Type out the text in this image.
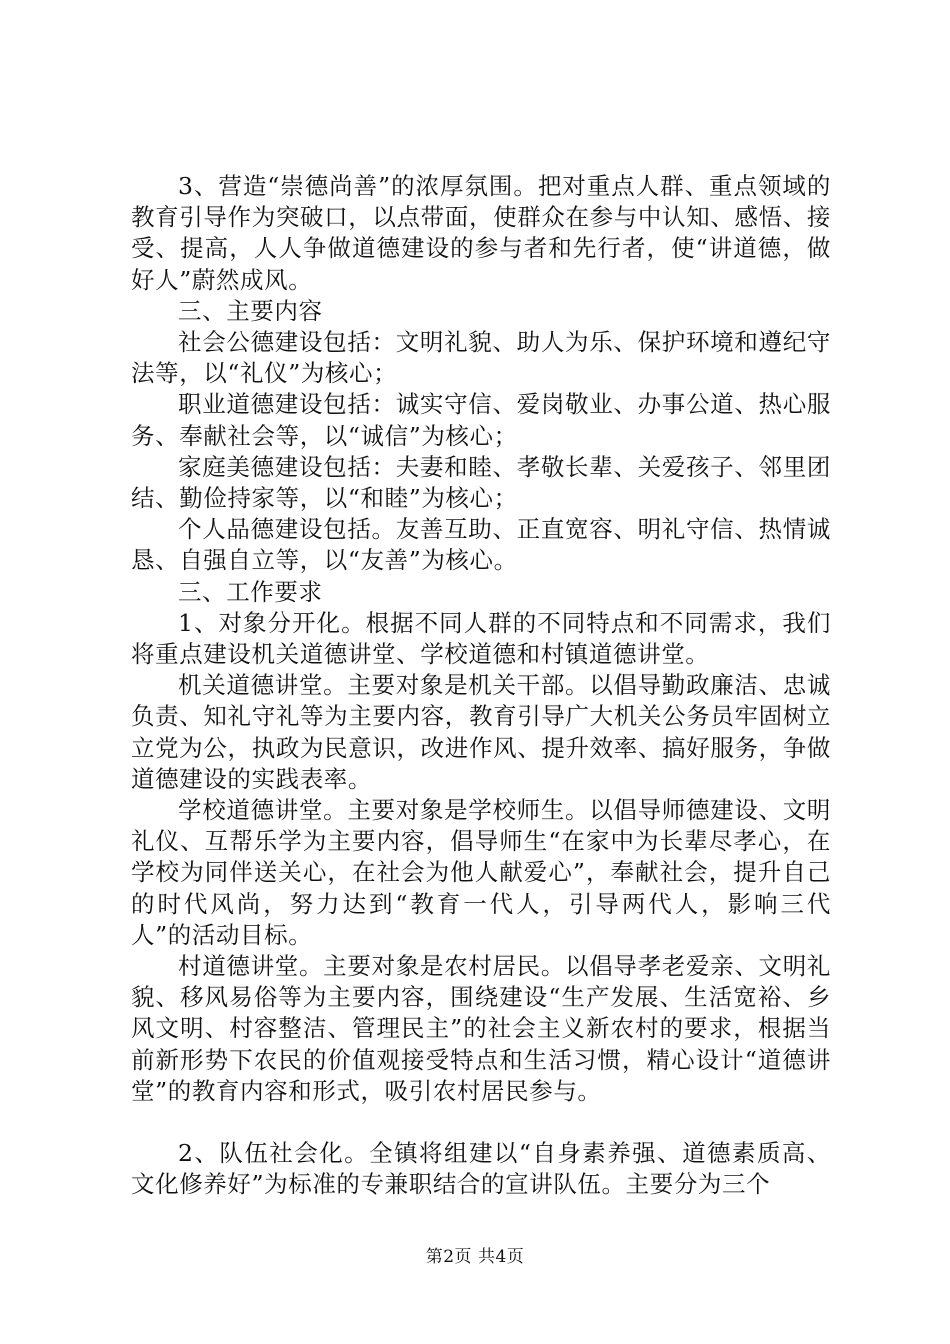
3、营造“崇德尚善”的浓厚氛围。把对重点人群、重点领域的教育引导作为突破口，以点带面，使群众在参与中认知、感悟、接受、提高，人人争做道德建设的参与者和先行者，使“讲道德，做好人”蔚然成风。

三、主要内容

社会公德建设包括：文明礼貌、助人为乐、保护环境和遵纪守法等，以“礼仪”为核心；

职业道德建设包括：诚实守信、爱岗敬业、办事公道、热心服务、奉献社会等，以“诚信”为核心；

家庭美德建设包括：夫妻和睦、孝敬长辈、关爱孩子、邻里团结、勤俭持家等，以“和睦”为核心；

个人品德建设包括。友善互助、正直宽容、明礼守信、热情诚恳、自强自立等，以“友善”为核心。

三、工作要求

1、对象分开化。根据不同人群的不同特点和不同需求，我们将重点建设机关道德讲堂、学校道德和村镇道德讲堂。

机关道德讲堂。主要对象是机关干部。以倡导勤政廉洁、忠诚负责、知礼守礼等为主要内容，教育引导广大机关公务员牢固树立立党为公，执政为民意识，改进作风、提升效率、搞好服务，争做道德建设的实践表率。

学校道德讲堂。主要对象是学校师生。以倡导师德建设、文明礼仪、互帮乐学为主要内容，倡导师生“在家中为长辈尽孝心，在学校为同伴送关心，在社会为他人献爱心”，奉献社会，提升自己的时代风尚，努力达到“教育一代人，引导两代人，影响三代人”的活动目标。

村道德讲堂。主要对象是农村居民。以倡导孝老爱亲、文明礼貌、移风易俗等为主要内容，围绕建设“生产发展、生活宽裕、乡风文明、村容整洁、管理民主”的社会主义新农村的要求，根据当前新形势下农民的价值观接受特点和生活习惯，精心设计“道德讲堂”的教育内容和形式，吸引农村居民参与。

2、队伍社会化。全镇将组建以“自身素养强、道德素质高、文化修养好”为标准的专兼职结合的宣讲队伍。主要分为三个

第2页 共4页
